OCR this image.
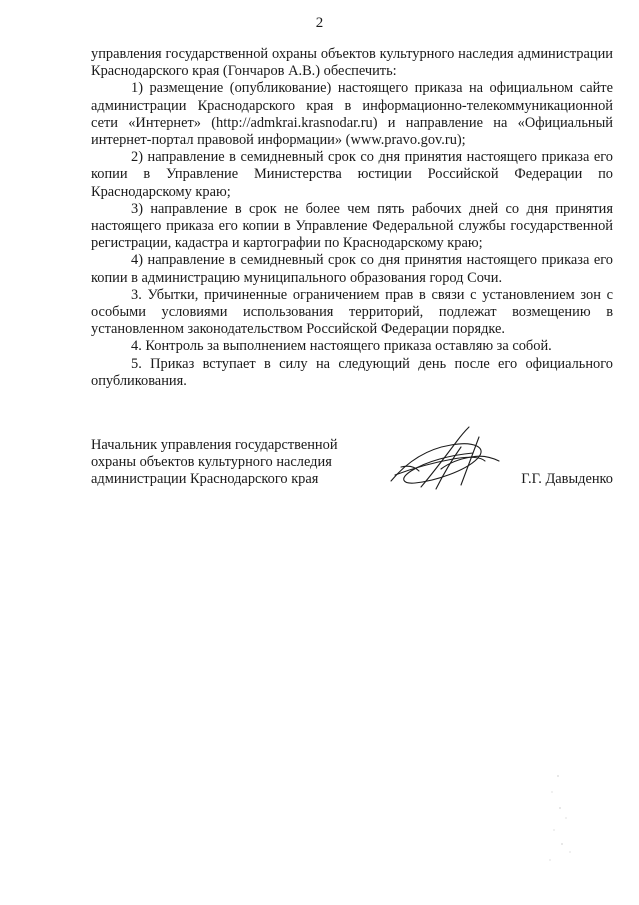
2

управления государственной охраны объектов культурного наследия администрации Краснодарского края (Гончаров А.В.) обеспечить:

1) размещение (опубликование) настоящего приказа на официальном сайте администрации Краснодарского края в информационно-телекоммуникационной сети «Интернет» (http://admkrai.krasnodar.ru) и направление на «Официальный интернет-портал правовой информации» (www.pravo.gov.ru);

2) направление в семидневный срок со дня принятия настоящего приказа его копии в Управление Министерства юстиции Российской Федерации по Краснодарскому краю;

3) направление в срок не более чем пять рабочих дней со дня принятия настоящего приказа его копии в Управление Федеральной службы государственной регистрации, кадастра и картографии по Краснодарскому краю;

4) направление в семидневный срок со дня принятия настоящего приказа его копии в администрацию муниципального образования город Сочи.

3. Убытки, причиненные ограничением прав в связи с установлением зон с особыми условиями использования территорий, подлежат возмещению в установленном законодательством Российской Федерации порядке.

4. Контроль за выполнением настоящего приказа оставляю за собой.

5. Приказ вступает в силу на следующий день после его официального опубликования.

Начальник управления государственной
охраны объектов культурного наследия
администрации Краснодарского края	Г.Г. Давыденко
